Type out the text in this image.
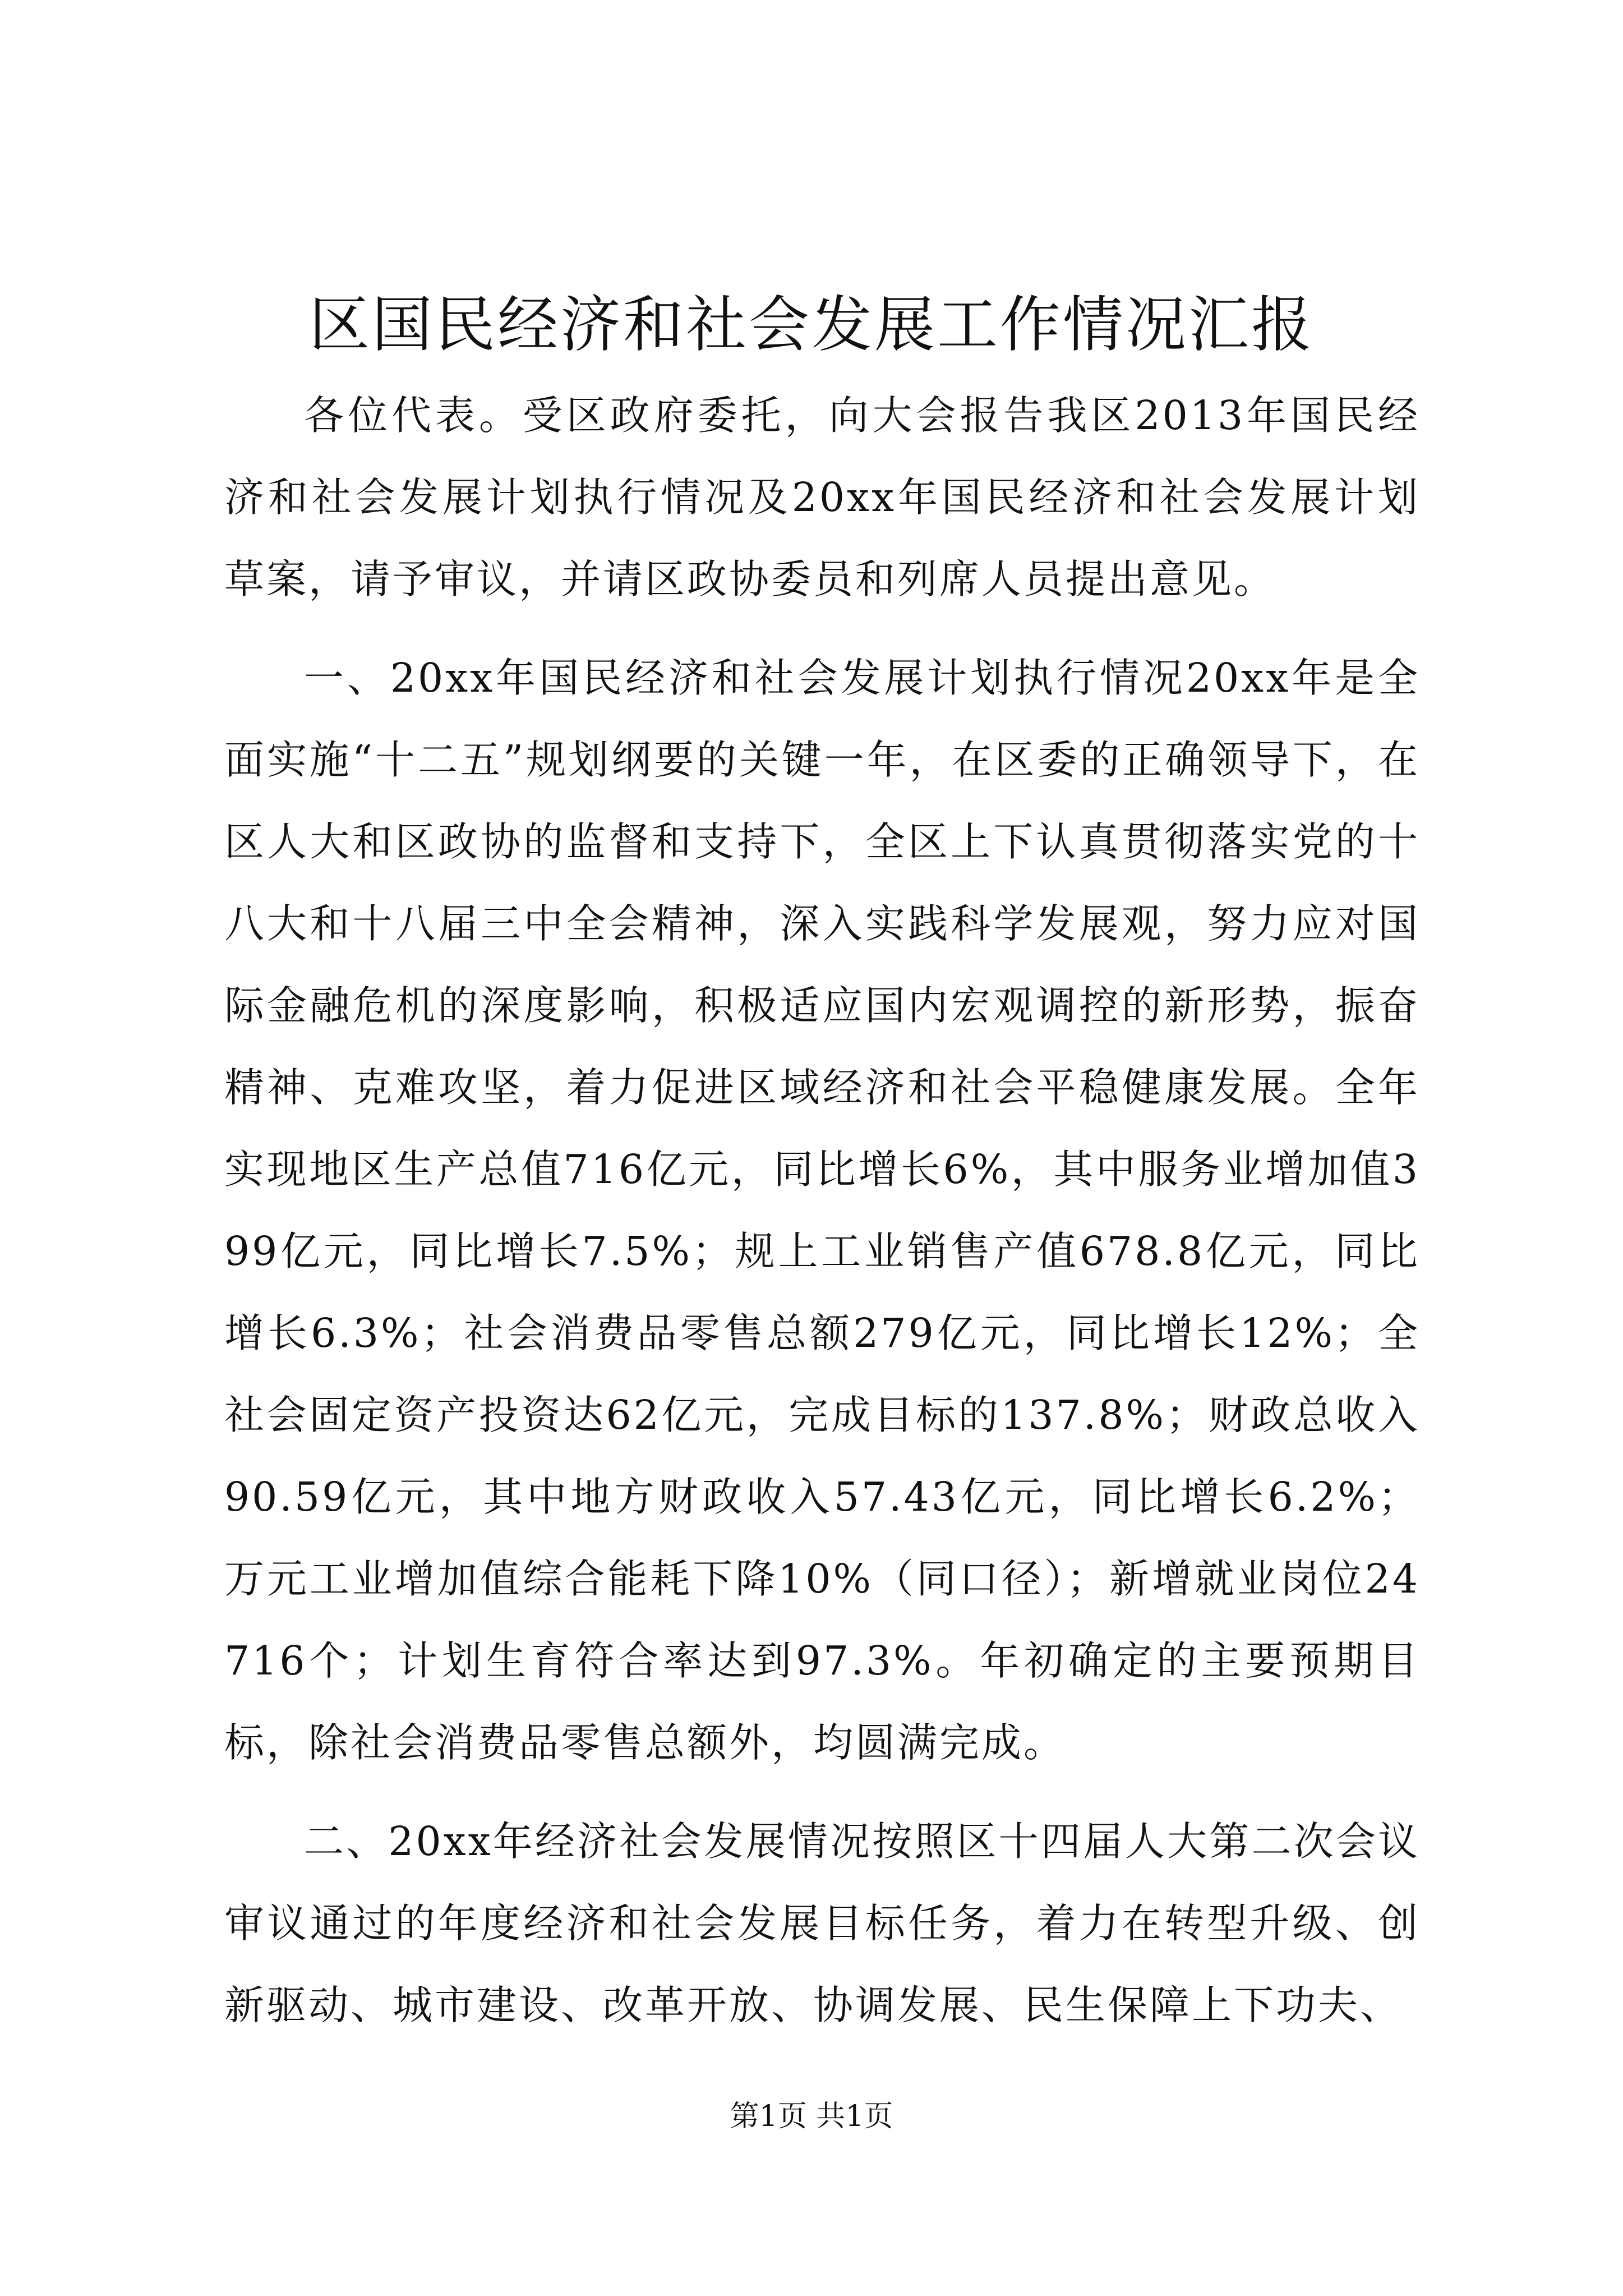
区国民经济和社会发展工作情况汇报

各位代表。受区政府委托，向大会报告我区2013年国民经济和社会发展计划执行情况及20xx年国民经济和社会发展计划草案，请予审议，并请区政协委员和列席人员提出意见。

一、20xx年国民经济和社会发展计划执行情况20xx年是全面实施“十二五”规划纲要的关键一年，在区委的正确领导下，在区人大和区政协的监督和支持下，全区上下认真贯彻落实党的十八大和十八届三中全会精神，深入实践科学发展观，努力应对国际金融危机的深度影响，积极适应国内宏观调控的新形势，振奋精神、克难攻坚，着力促进区域经济和社会平稳健康发展。全年实现地区生产总值716亿元，同比增长6%，其中服务业增加值399亿元，同比增长7.5%；规上工业销售产值678.8亿元，同比增长6.3%；社会消费品零售总额279亿元，同比增长12%；全社会固定资产投资达62亿元，完成目标的137.8%；财政总收入90.59亿元，其中地方财政收入57.43亿元，同比增长6.2%；万元工业增加值综合能耗下降10%（同口径）；新增就业岗位24716个；计划生育符合率达到97.3%。年初确定的主要预期目标，除社会消费品零售总额外，均圆满完成。

二、20xx年经济社会发展情况按照区十四届人大第二次会议审议通过的年度经济和社会发展目标任务，着力在转型升级、创新驱动、城市建设、改革开放、协调发展、民生保障上下功夫、

第1页 共1页
